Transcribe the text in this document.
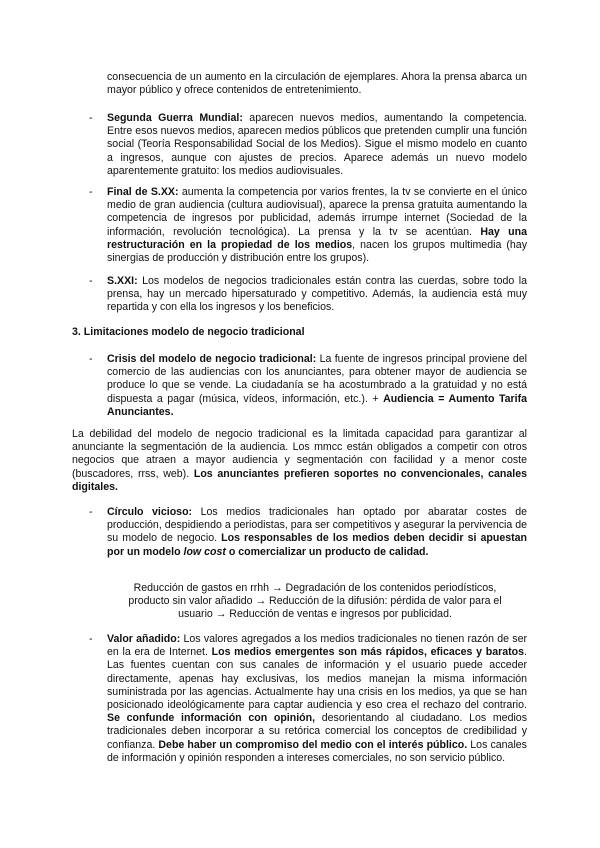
consecuencia de un aumento en la circulación de ejemplares. Ahora la prensa abarca un mayor público y ofrece contenidos de entretenimiento.
- Segunda Guerra Mundial: aparecen nuevos medios, aumentando la competencia. Entre esos nuevos medios, aparecen medios públicos que pretenden cumplir una función social (Teoría Responsabilidad Social de los Medios). Sigue el mismo modelo en cuanto a ingresos, aunque con ajustes de precios. Aparece además un nuevo modelo aparentemente gratuito: los medios audiovisuales.
- Final de S.XX: aumenta la competencia por varios frentes, la tv se convierte en el único medio de gran audiencia (cultura audiovisual), aparece la prensa gratuita aumentando la competencia de ingresos por publicidad, además irrumpe internet (Sociedad de la información, revolución tecnológica). La prensa y la tv se acentúan. Hay una restructuración en la propiedad de los medios, nacen los grupos multimedia (hay sinergias de producción y distribución entre los grupos).
- S.XXI: Los modelos de negocios tradicionales están contra las cuerdas, sobre todo la prensa, hay un mercado hipersaturado y competitivo. Además, la audiencia está muy repartida y con ella los ingresos y los beneficios.
3. Limitaciones modelo de negocio tradicional
- Crisis del modelo de negocio tradicional: La fuente de ingresos principal proviene del comercio de las audiencias con los anunciantes, para obtener mayor de audiencia se produce lo que se vende. La ciudadanía se ha acostumbrado a la gratuidad y no está dispuesta a pagar (música, vídeos, información, etc.). + Audiencia = Aumento Tarifa Anunciantes.
La debilidad del modelo de negocio tradicional es la limitada capacidad para garantizar al anunciante la segmentación de la audiencia. Los mmcc están obligados a competir con otros negocios que atraen a mayor audiencia y segmentación con facilidad y a menor coste (buscadores, rrss, web). Los anunciantes prefieren soportes no convencionales, canales digitales.
- Círculo vicioso: Los medios tradicionales han optado por abaratar costes de producción, despidiendo a periodistas, para ser competitivos y asegurar la pervivencia de su modelo de negocio. Los responsables de los medios deben decidir si apuestan por un modelo low cost o comercializar un producto de calidad.
Reducción de gastos en rrhh → Degradación de los contenidos periodísticos, producto sin valor añadido → Reducción de la difusión: pérdida de valor para el usuario → Reducción de ventas e ingresos por publicidad.
- Valor añadido: Los valores agregados a los medios tradicionales no tienen razón de ser en la era de Internet. Los medios emergentes son más rápidos, eficaces y baratos. Las fuentes cuentan con sus canales de información y el usuario puede acceder directamente, apenas hay exclusivas, los medios manejan la misma información suministrada por las agencias. Actualmente hay una crisis en los medios, ya que se han posicionado ideológicamente para captar audiencia y eso crea el rechazo del contrario. Se confunde información con opinión, desorientando al ciudadano. Los medios tradicionales deben incorporar a su retórica comercial los conceptos de credibilidad y confianza. Debe haber un compromiso del medio con el interés público. Los canales de información y opinión responden a intereses comerciales, no son servicio público.
